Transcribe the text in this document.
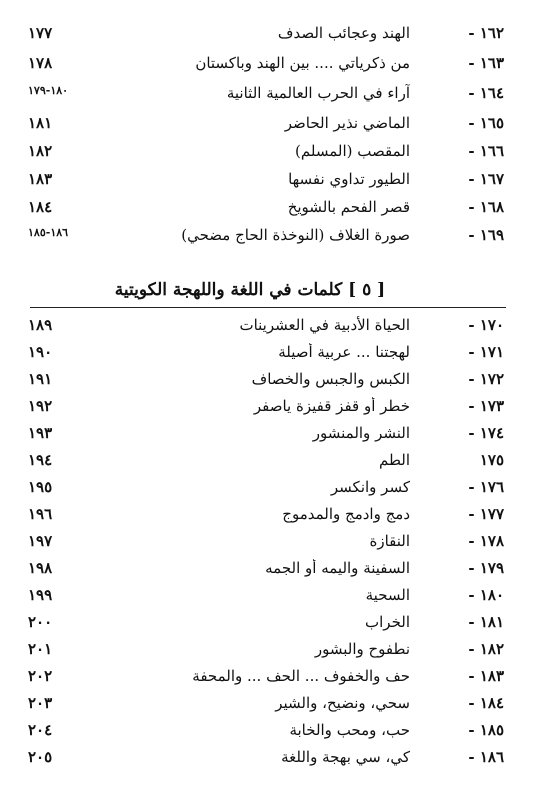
١٦٢ -
الهند وعجائب الصدف
١٧٧
١٦٣ -
من ذكرياتي .... بين الهند وباكستان
١٧٨
١٦٤ -
آراء في الحرب العالمية الثانية
١٨٠-١٧٩
١٦٥ -
الماضي نذير الحاضر
١٨١
١٦٦ -
المقصب (المسلم)
١٨٢
١٦٧ -
الطيور تداوي نفسها
١٨٣
١٦٨ -
قصر الفحم بالشويخ
١٨٤
١٦٩ -
صورة الغلاف (النوخذة الحاج مضحي)
١٨٦-١٨٥
[ ٥ ] كلمات في اللغة واللهجة الكويتية
١٧٠ -
الحياة الأدبية في العشرينات
١٨٩
١٧١ -
لهجتنا ... عربية أصيلة
١٩٠
١٧٢ -
الكبس والجبس والخصاف
١٩١
١٧٣ -
خطر أو قفز قفيزة ياصفر
١٩٢
١٧٤ -
النشر والمنشور
١٩٣
١٧٥
الطم
١٩٤
١٧٦ -
كسر وانكسر
١٩٥
١٧٧ -
دمج وادمج والمدموج
١٩٦
١٧٨ -
النقازة
١٩٧
١٧٩ -
السفينة واليمه أو الجمه
١٩٨
١٨٠ -
السحية
١٩٩
١٨١ -
الخراب
٢٠٠
١٨٢ -
نطفوح والبشور
٢٠١
١٨٣ -
حف والخفوف ... الحف ... والمحفة
٢٠٢
١٨٤ -
سحي، ونضيح، والشير
٢٠٣
١٨٥ -
حب، ومحب والخابة
٢٠٤
١٨٦ -
كي، سي بهجة واللغة
٢٠٥
